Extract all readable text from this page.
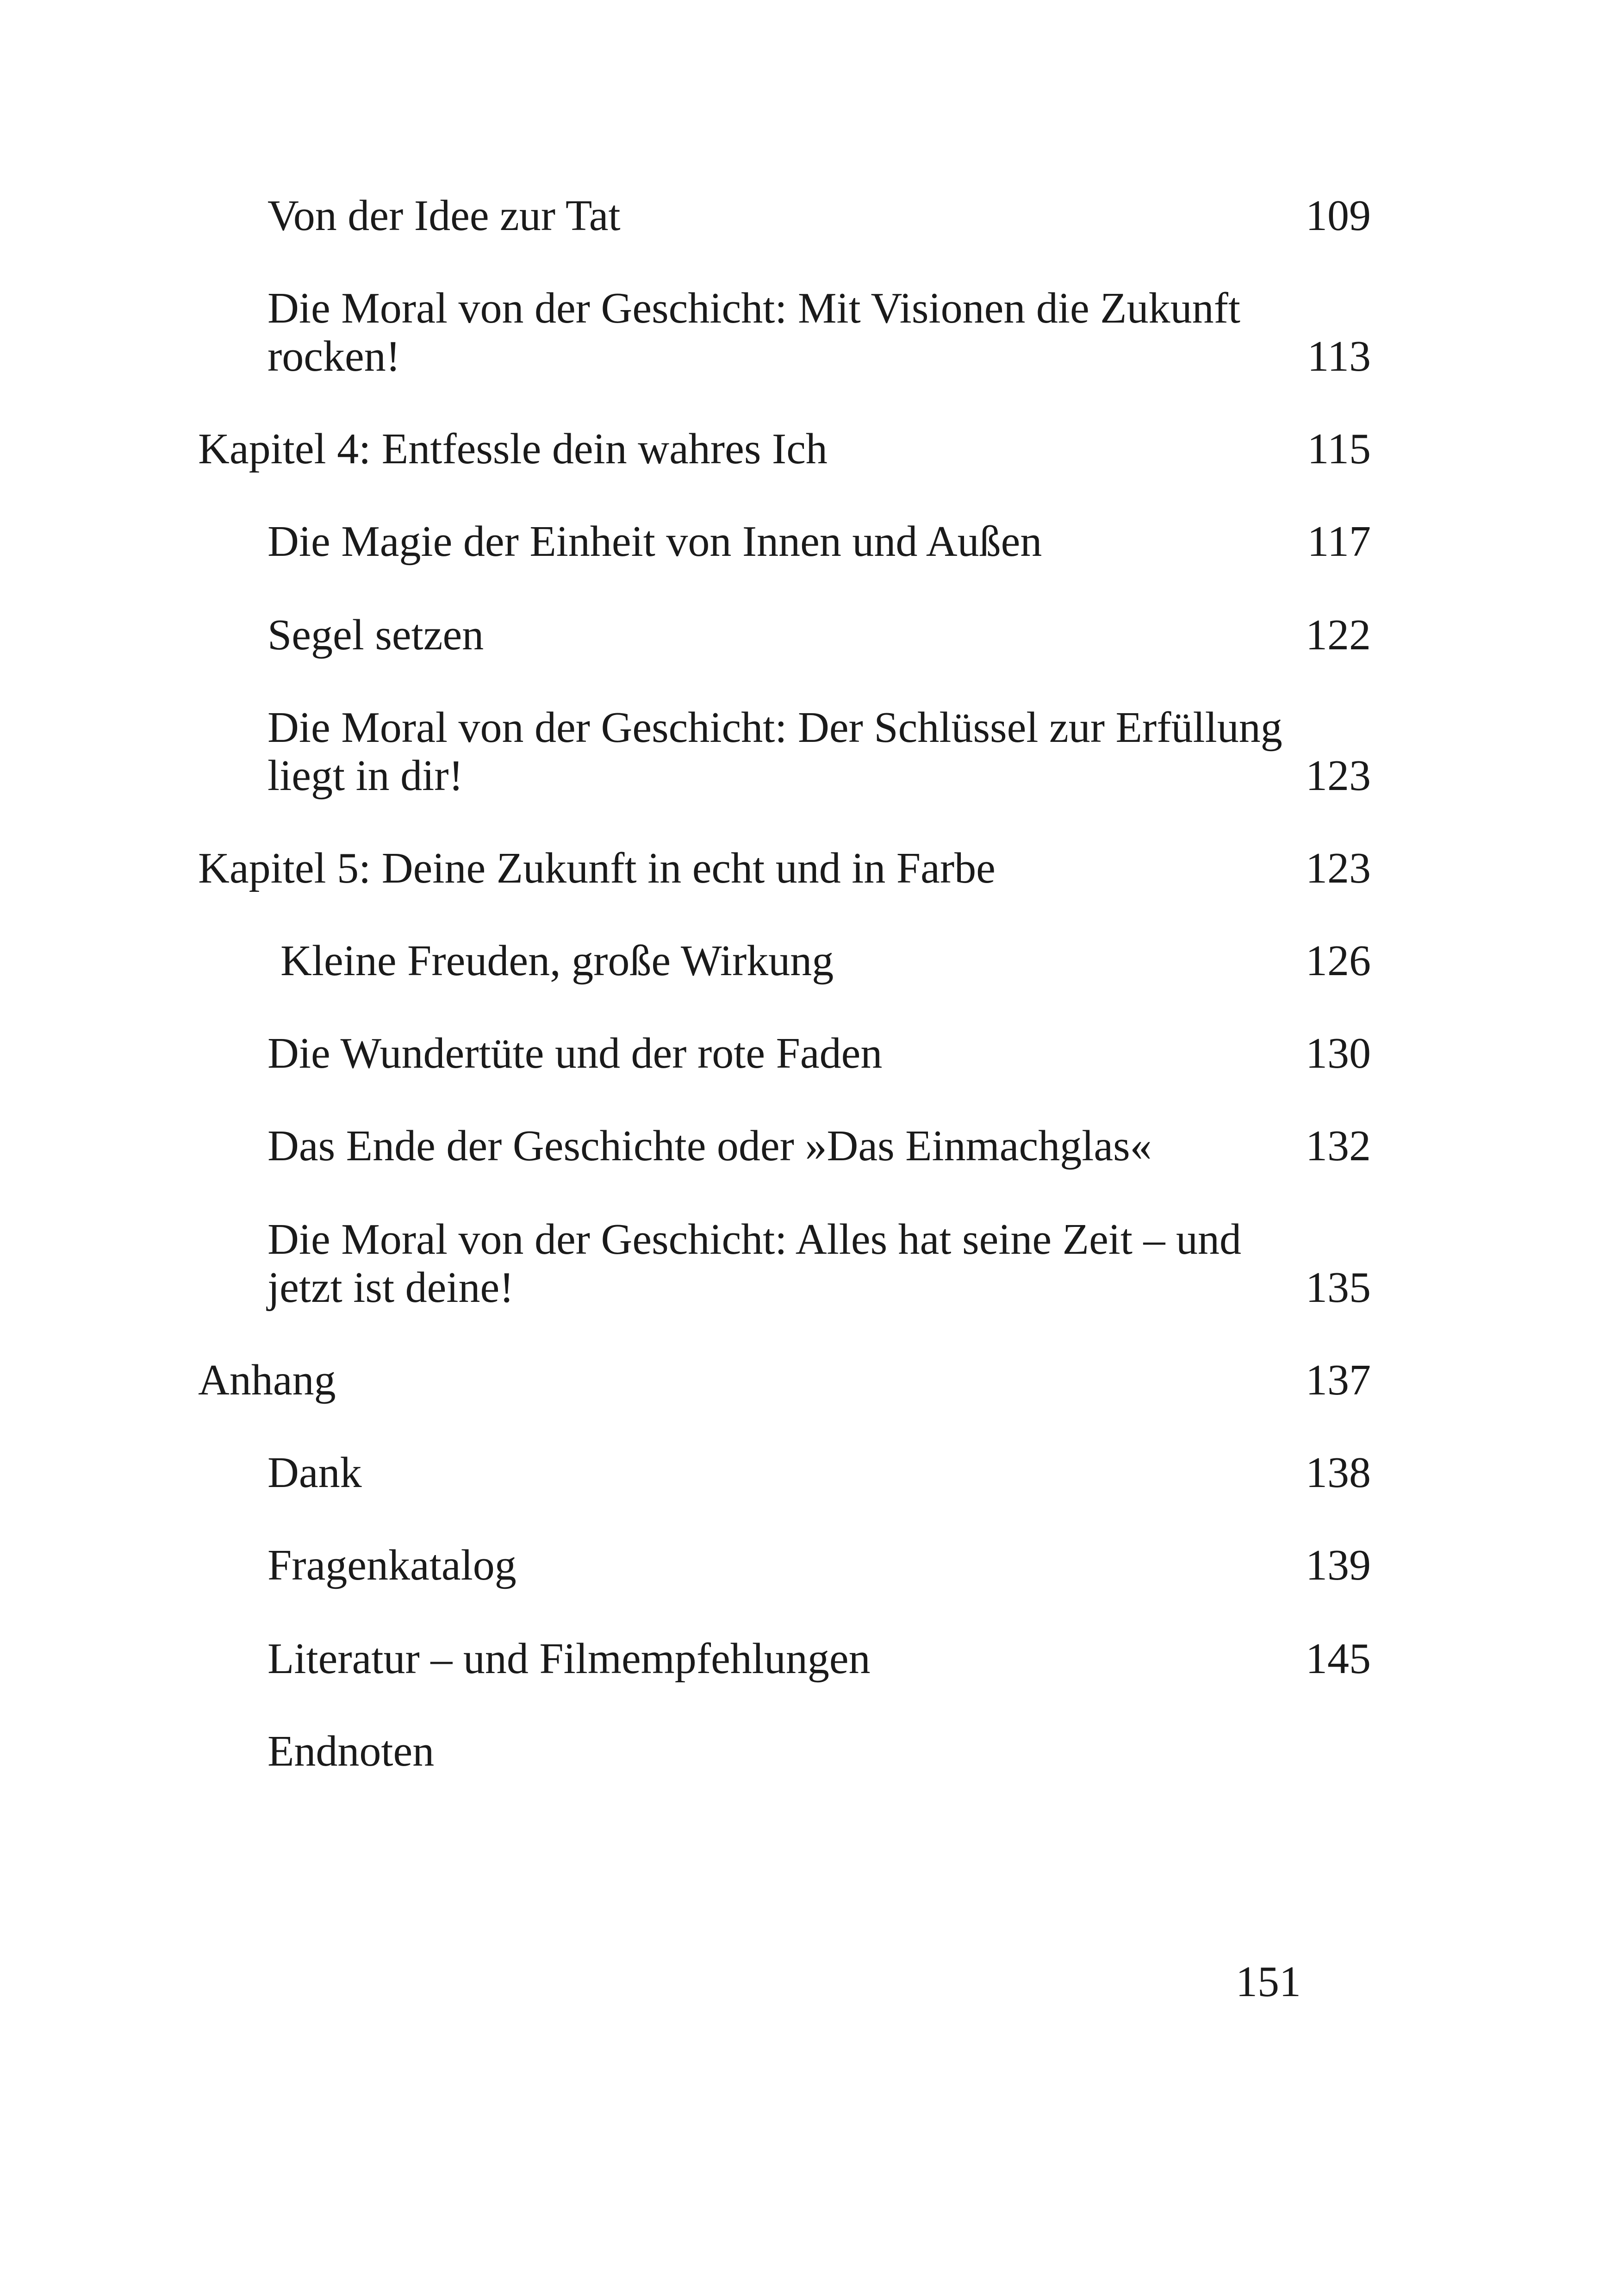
Von der Idee zur Tat	109
Die Moral von der Geschicht: Mit Visionen die Zukunft
rocken!	113
Kapitel 4: Entfessle dein wahres Ich	115
Die Magie der Einheit von Innen und Außen	117
Segel setzen	122
Die Moral von der Geschicht: Der Schlüssel zur Erfüllung
liegt in dir!	123
Kapitel 5: Deine Zukunft in echt und in Farbe	123
Kleine Freuden, große Wirkung	126
Die Wundertüte und der rote Faden	130
Das Ende der Geschichte oder »Das Einmachglas«	132
Die Moral von der Geschicht: Alles hat seine Zeit – und
jetzt ist deine!	135
Anhang	137
Dank	138
Fragenkatalog	139
Literatur – und Filmempfehlungen	145
Endnoten
151
